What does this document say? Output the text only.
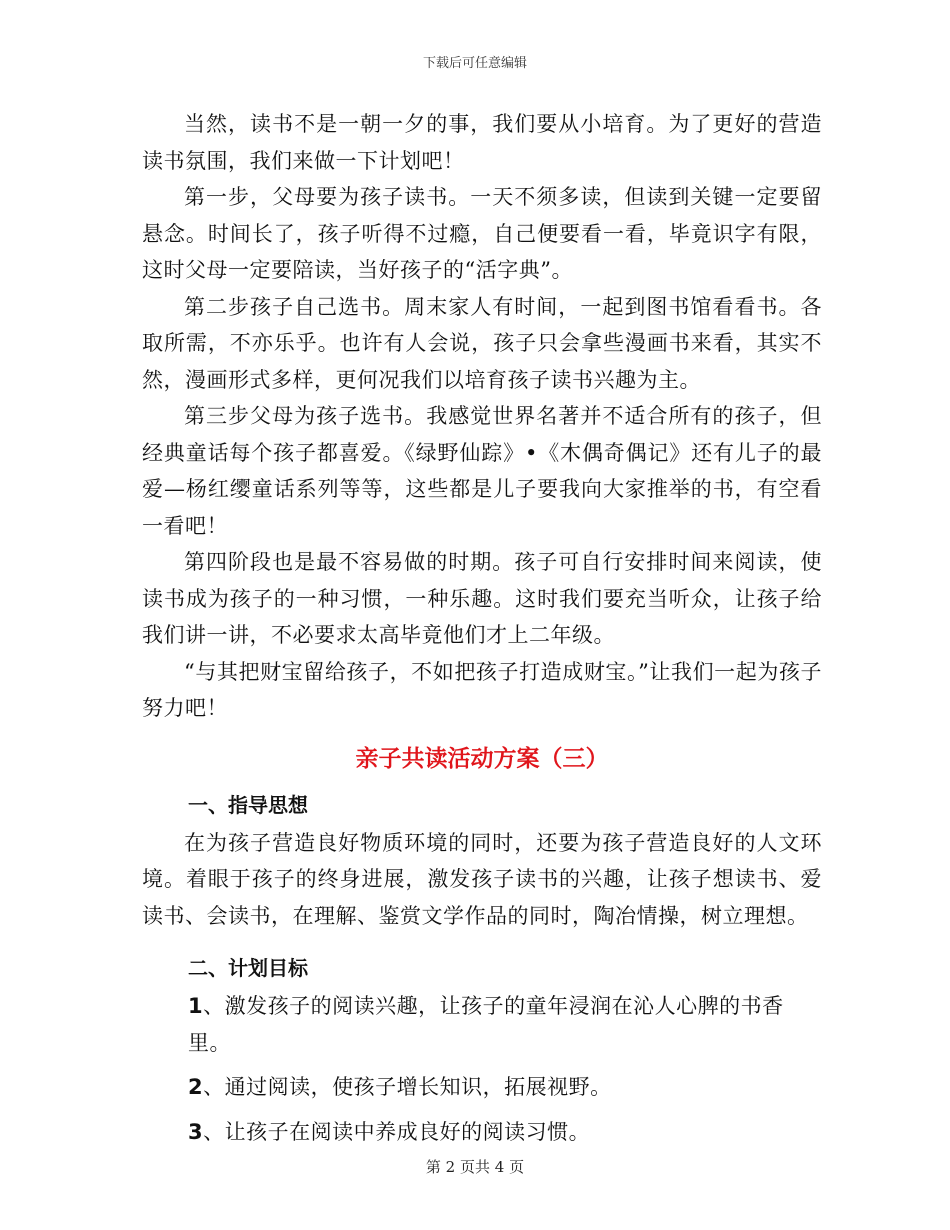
下载后可任意编辑

当然，读书不是一朝一夕的事，我们要从小培育。为了更好的营造读书氛围，我们来做一下计划吧！

第一步，父母要为孩子读书。一天不须多读，但读到关键一定要留悬念。时间长了，孩子听得不过瘾，自己便要看一看，毕竟识字有限，这时父母一定要陪读，当好孩子的“活字典”。

第二步孩子自己选书。周末家人有时间，一起到图书馆看看书。各取所需，不亦乐乎。也许有人会说，孩子只会拿些漫画书来看，其实不然，漫画形式多样，更何况我们以培育孩子读书兴趣为主。

第三步父母为孩子选书。我感觉世界名著并不适合所有的孩子，但经典童话每个孩子都喜爱。《绿野仙踪》•《木偶奇偶记》还有儿子的最爱—杨红缨童话系列等等，这些都是儿子要我向大家推举的书，有空看一看吧！

第四阶段也是最不容易做的时期。孩子可自行安排时间来阅读，使读书成为孩子的一种习惯，一种乐趣。这时我们要充当听众，让孩子给我们讲一讲，不必要求太高毕竟他们才上二年级。

“与其把财宝留给孩子，不如把孩子打造成财宝。”让我们一起为孩子努力吧！

亲子共读活动方案（三）
一、指导思想

在为孩子营造良好物质环境的同时，还要为孩子营造良好的人文环境。着眼于孩子的终身进展，激发孩子读书的兴趣，让孩子想读书、爱读书、会读书，在理解、鉴赏文学作品的同时，陶冶情操，树立理想。

二、计划目标
1、激发孩子的阅读兴趣，让孩子的童年浸润在沁人心脾的书香里。
2、通过阅读，使孩子增长知识，拓展视野。
3、让孩子在阅读中养成良好的阅读习惯。
第 2 页共 4 页
